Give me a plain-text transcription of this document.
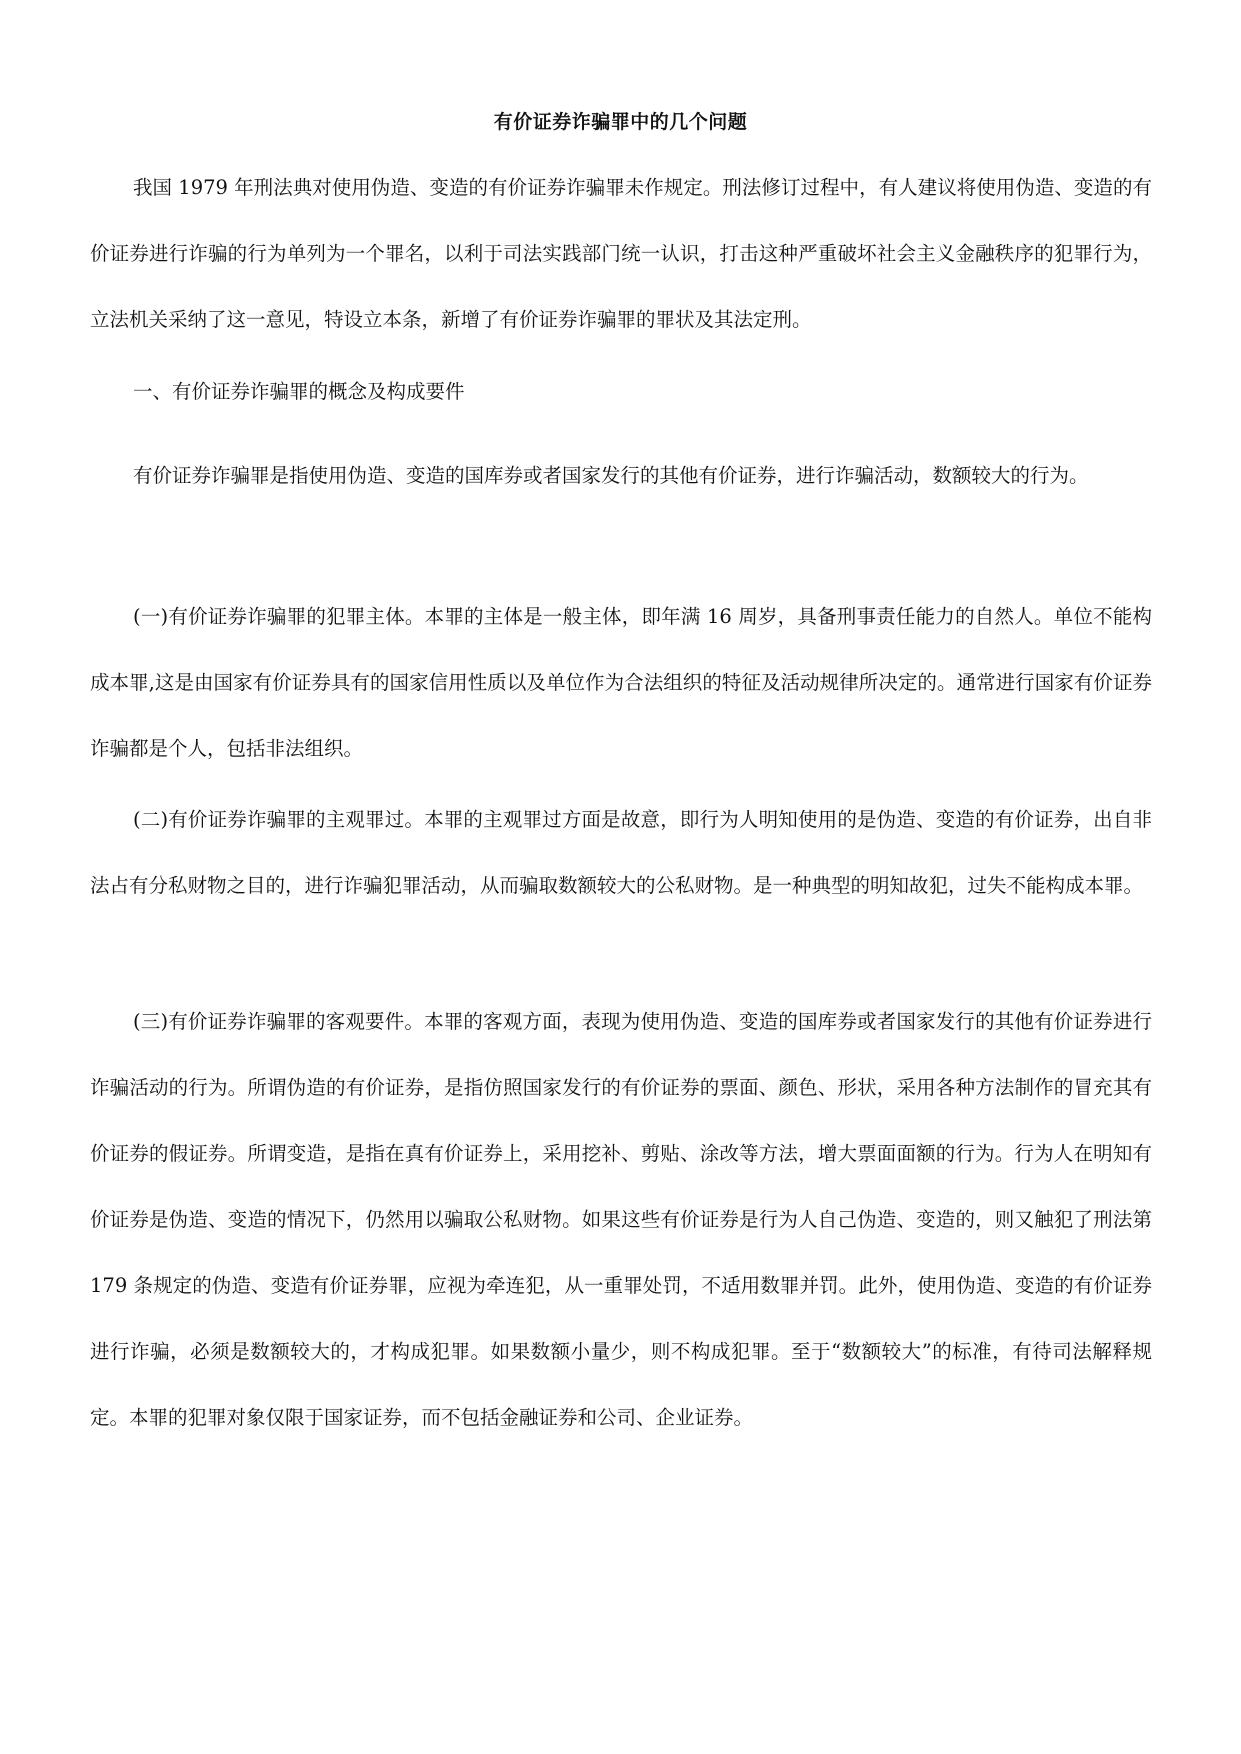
有价证券诈骗罪中的几个问题

我国 1979 年刑法典对使用伪造、变造的有价证券诈骗罪未作规定。刑法修订过程中，有人建议将使用伪造、变造的有价证券进行诈骗的行为单列为一个罪名，以利于司法实践部门统一认识，打击这种严重破坏社会主义金融秩序的犯罪行为，立法机关采纳了这一意见，特设立本条，新增了有价证券诈骗罪的罪状及其法定刑。

一、有价证券诈骗罪的概念及构成要件

有价证券诈骗罪是指使用伪造、变造的国库券或者国家发行的其他有价证券，进行诈骗活动，数额较大的行为。

(一)有价证券诈骗罪的犯罪主体。本罪的主体是一般主体，即年满 16 周岁，具备刑事责任能力的自然人。单位不能构成本罪,这是由国家有价证券具有的国家信用性质以及单位作为合法组织的特征及活动规律所决定的。通常进行国家有价证券诈骗都是个人，包括非法组织。

(二)有价证券诈骗罪的主观罪过。本罪的主观罪过方面是故意，即行为人明知使用的是伪造、变造的有价证券，出自非法占有分私财物之目的，进行诈骗犯罪活动，从而骗取数额较大的公私财物。是一种典型的明知故犯，过失不能构成本罪。

(三)有价证券诈骗罪的客观要件。本罪的客观方面，表现为使用伪造、变造的国库券或者国家发行的其他有价证券进行诈骗活动的行为。所谓伪造的有价证券，是指仿照国家发行的有价证券的票面、颜色、形状，采用各种方法制作的冒充其有价证券的假证券。所谓变造，是指在真有价证券上，采用挖补、剪贴、涂改等方法，增大票面面额的行为。行为人在明知有价证券是伪造、变造的情况下，仍然用以骗取公私财物。如果这些有价证券是行为人自己伪造、变造的，则又触犯了刑法第 179 条规定的伪造、变造有价证券罪，应视为牵连犯，从一重罪处罚，不适用数罪并罚。此外，使用伪造、变造的有价证券进行诈骗，必须是数额较大的，才构成犯罪。如果数额小量少，则不构成犯罪。至于“数额较大”的标准，有待司法解释规定。本罪的犯罪对象仅限于国家证券，而不包括金融证券和公司、企业证券。
